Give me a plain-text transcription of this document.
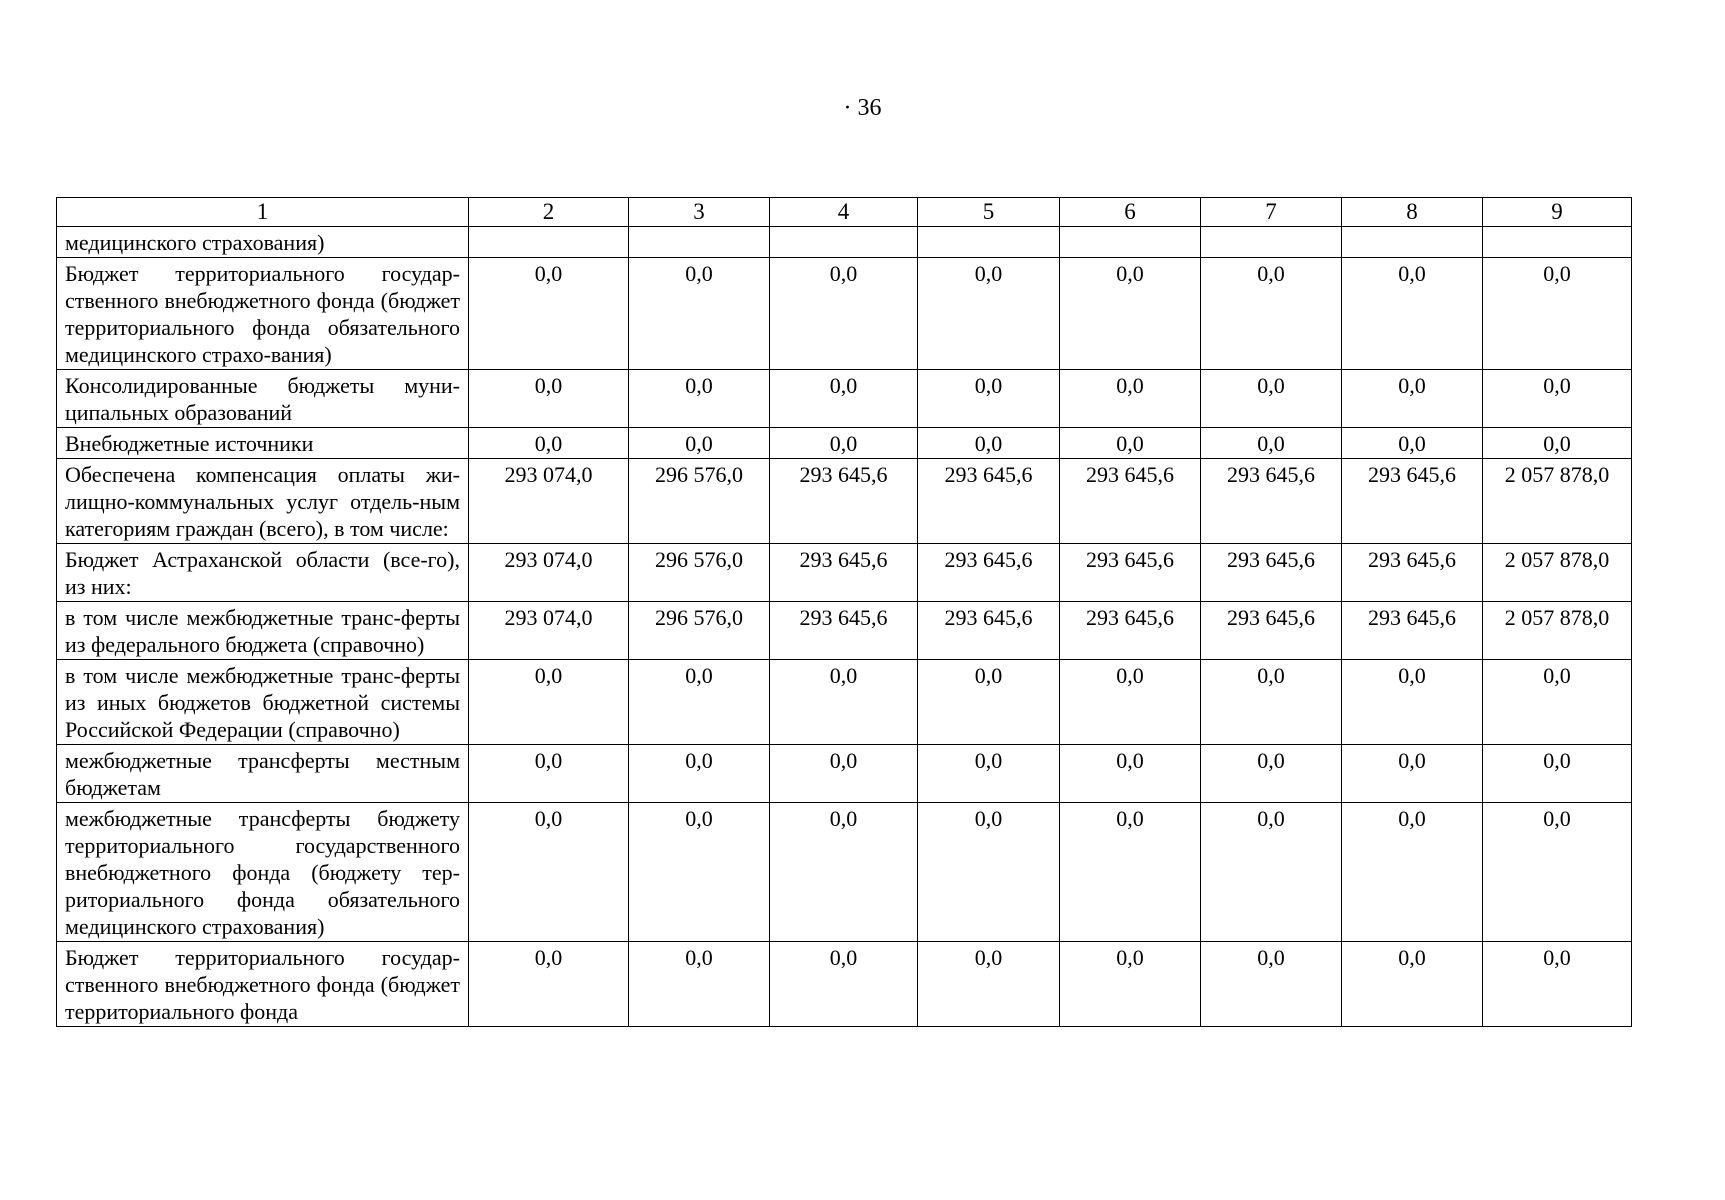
· 36
1	2	3	4	5	6	7	8	9
медицинского страхования)								
Бюджет территориального государ-ственного внебюджетного фонда (бюджет территориального фонда обязательного медицинского страхо-вания)	0,0	0,0	0,0	0,0	0,0	0,0	0,0	0,0
Консолидированные бюджеты муни-ципальных образований	0,0	0,0	0,0	0,0	0,0	0,0	0,0	0,0
Внебюджетные источники	0,0	0,0	0,0	0,0	0,0	0,0	0,0	0,0
Обеспечена компенсация оплаты жи-лищно-коммунальных услуг отдель-ным категориям граждан (всего), в том числе:	293 074,0	296 576,0	293 645,6	293 645,6	293 645,6	293 645,6	293 645,6	2 057 878,0
Бюджет Астраханской области (все-го), из них:	293 074,0	296 576,0	293 645,6	293 645,6	293 645,6	293 645,6	293 645,6	2 057 878,0
в том числе межбюджетные транс-ферты из федерального бюджета (справочно)	293 074,0	296 576,0	293 645,6	293 645,6	293 645,6	293 645,6	293 645,6	2 057 878,0
в том числе межбюджетные транс-ферты из иных бюджетов бюджетной системы Российской Федерации (справочно)	0,0	0,0	0,0	0,0	0,0	0,0	0,0	0,0
межбюджетные трансферты местным бюджетам	0,0	0,0	0,0	0,0	0,0	0,0	0,0	0,0
межбюджетные трансферты бюджету территориального государственного внебюджетного фонда (бюджету тер-риториального фонда обязательного медицинского страхования)	0,0	0,0	0,0	0,0	0,0	0,0	0,0	0,0
Бюджет территориального государ-ственного внебюджетного фонда (бюджет территориального фонда	0,0	0,0	0,0	0,0	0,0	0,0	0,0	0,0
